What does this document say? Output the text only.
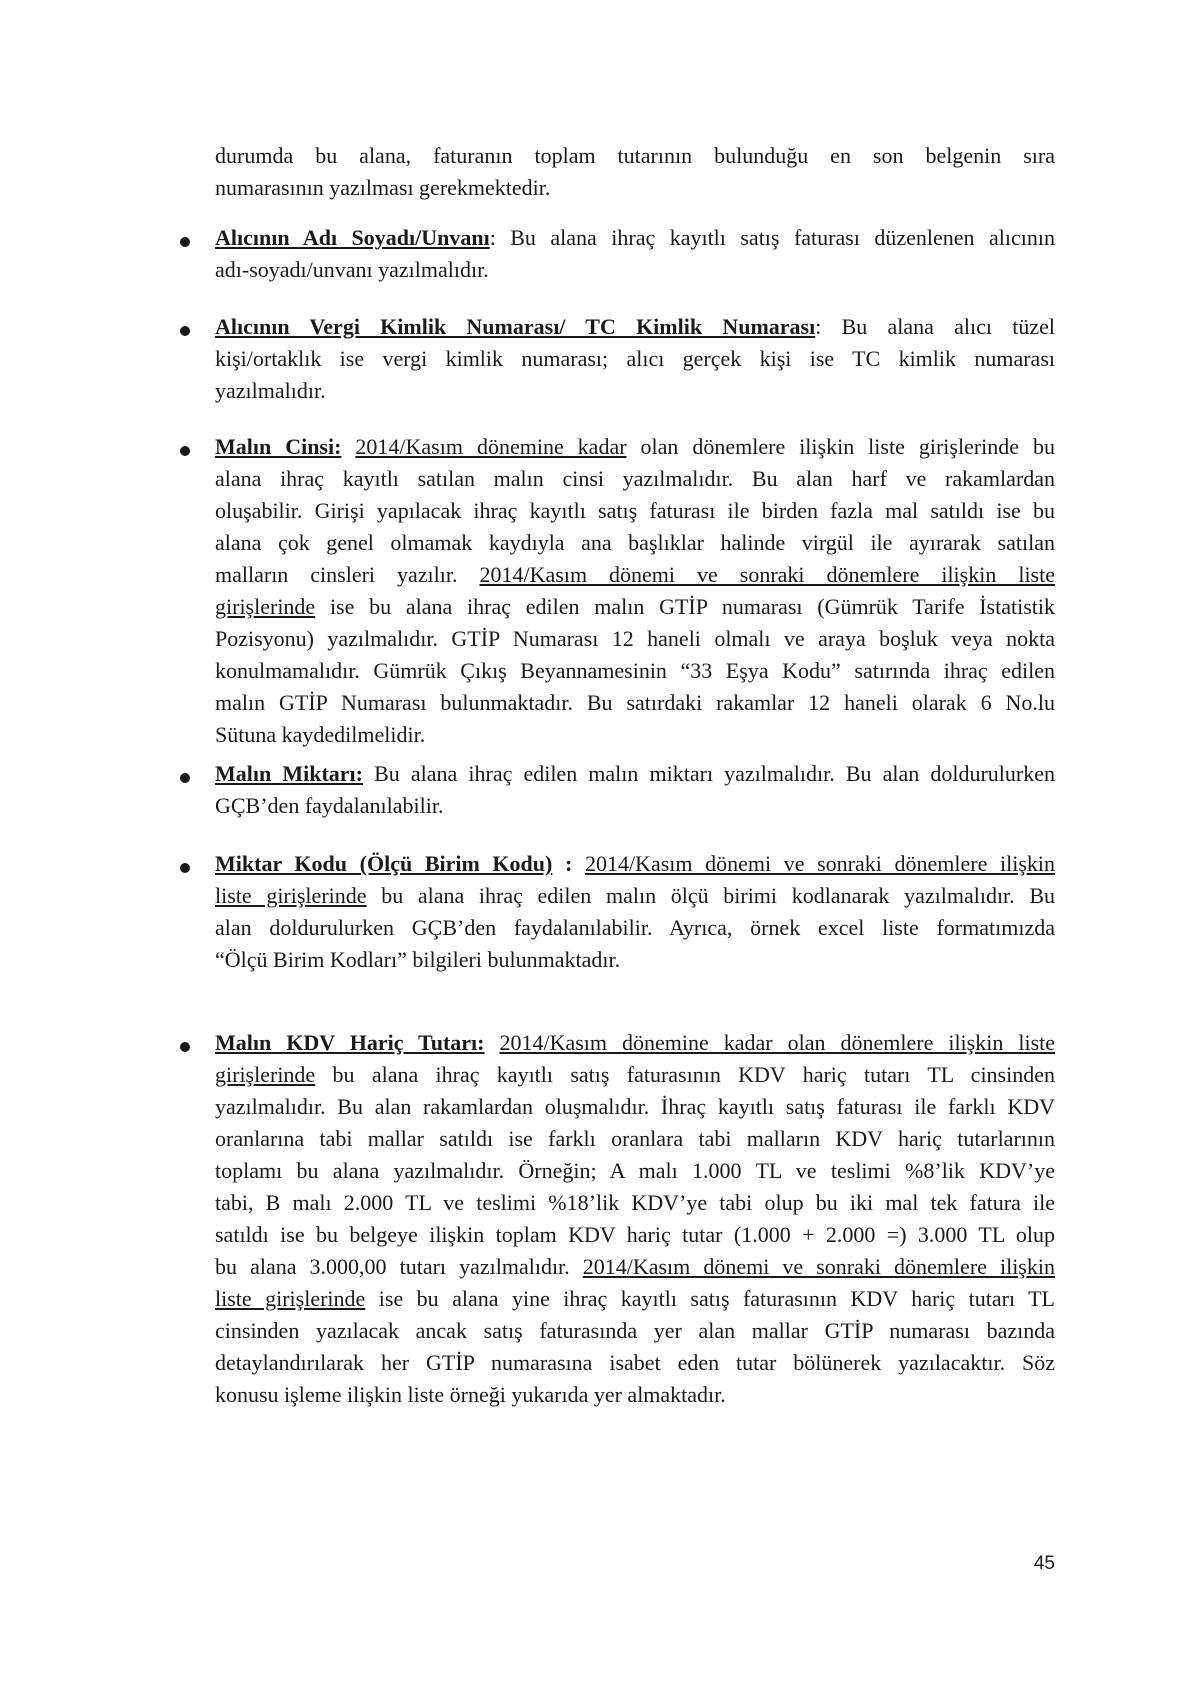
durumda bu alana, faturanın toplam tutarının bulunduğu en son belgenin sıra
numarasının yazılması gerekmektedir.

Alıcının Adı Soyadı/Unvanı: Bu alana ihraç kayıtlı satış faturası düzenlenen alıcının
adı-soyadı/unvanı yazılmalıdır.

Alıcının Vergi Kimlik Numarası/ TC Kimlik Numarası: Bu alana alıcı tüzel
kişi/ortaklık ise vergi kimlik numarası; alıcı gerçek kişi ise TC kimlik numarası
yazılmalıdır.

Malın Cinsi: 2014/Kasım dönemine kadar olan dönemlere ilişkin liste girişlerinde bu
alana ihraç kayıtlı satılan malın cinsi yazılmalıdır. Bu alan harf ve rakamlardan
oluşabilir. Girişi yapılacak ihraç kayıtlı satış faturası ile birden fazla mal satıldı ise bu
alana çok genel olmamak kaydıyla ana başlıklar halinde virgül ile ayırarak satılan
malların cinsleri yazılır. 2014/Kasım dönemi ve sonraki dönemlere ilişkin liste
girişlerinde ise bu alana ihraç edilen malın GTİP numarası (Gümrük Tarife İstatistik
Pozisyonu) yazılmalıdır. GTİP Numarası 12 haneli olmalı ve araya boşluk veya nokta
konulmamalıdır. Gümrük Çıkış Beyannamesinin “33 Eşya Kodu” satırında ihraç edilen
malın GTİP Numarası bulunmaktadır. Bu satırdaki rakamlar 12 haneli olarak 6 No.lu
Sütuna kaydedilmelidir.

Malın Miktarı: Bu alana ihraç edilen malın miktarı yazılmalıdır. Bu alan doldurulurken
GÇB’den faydalanılabilir.

Miktar Kodu (Ölçü Birim Kodu) : 2014/Kasım dönemi ve sonraki dönemlere ilişkin
liste girişlerinde bu alana ihraç edilen malın ölçü birimi kodlanarak yazılmalıdır. Bu
alan doldurulurken GÇB’den faydalanılabilir. Ayrıca, örnek excel liste formatımızda
“Ölçü Birim Kodları” bilgileri bulunmaktadır.

Malın KDV Hariç Tutarı: 2014/Kasım dönemine kadar olan dönemlere ilişkin liste
girişlerinde bu alana ihraç kayıtlı satış faturasının KDV hariç tutarı TL cinsinden
yazılmalıdır. Bu alan rakamlardan oluşmalıdır. İhraç kayıtlı satış faturası ile farklı KDV
oranlarına tabi mallar satıldı ise farklı oranlara tabi malların KDV hariç tutarlarının
toplamı bu alana yazılmalıdır. Örneğin; A malı 1.000 TL ve teslimi %8’lik KDV’ye
tabi, B malı 2.000 TL ve teslimi %18’lik KDV’ye tabi olup bu iki mal tek fatura ile
satıldı ise bu belgeye ilişkin toplam KDV hariç tutar (1.000 + 2.000 =) 3.000 TL olup
bu alana 3.000,00 tutarı yazılmalıdır. 2014/Kasım dönemi ve sonraki dönemlere ilişkin
liste girişlerinde ise bu alana yine ihraç kayıtlı satış faturasının KDV hariç tutarı TL
cinsinden yazılacak ancak satış faturasında yer alan mallar GTİP numarası bazında
detaylandırılarak her GTİP numarasına isabet eden tutar bölünerek yazılacaktır. Söz
konusu işleme ilişkin liste örneği yukarıda yer almaktadır.

45
